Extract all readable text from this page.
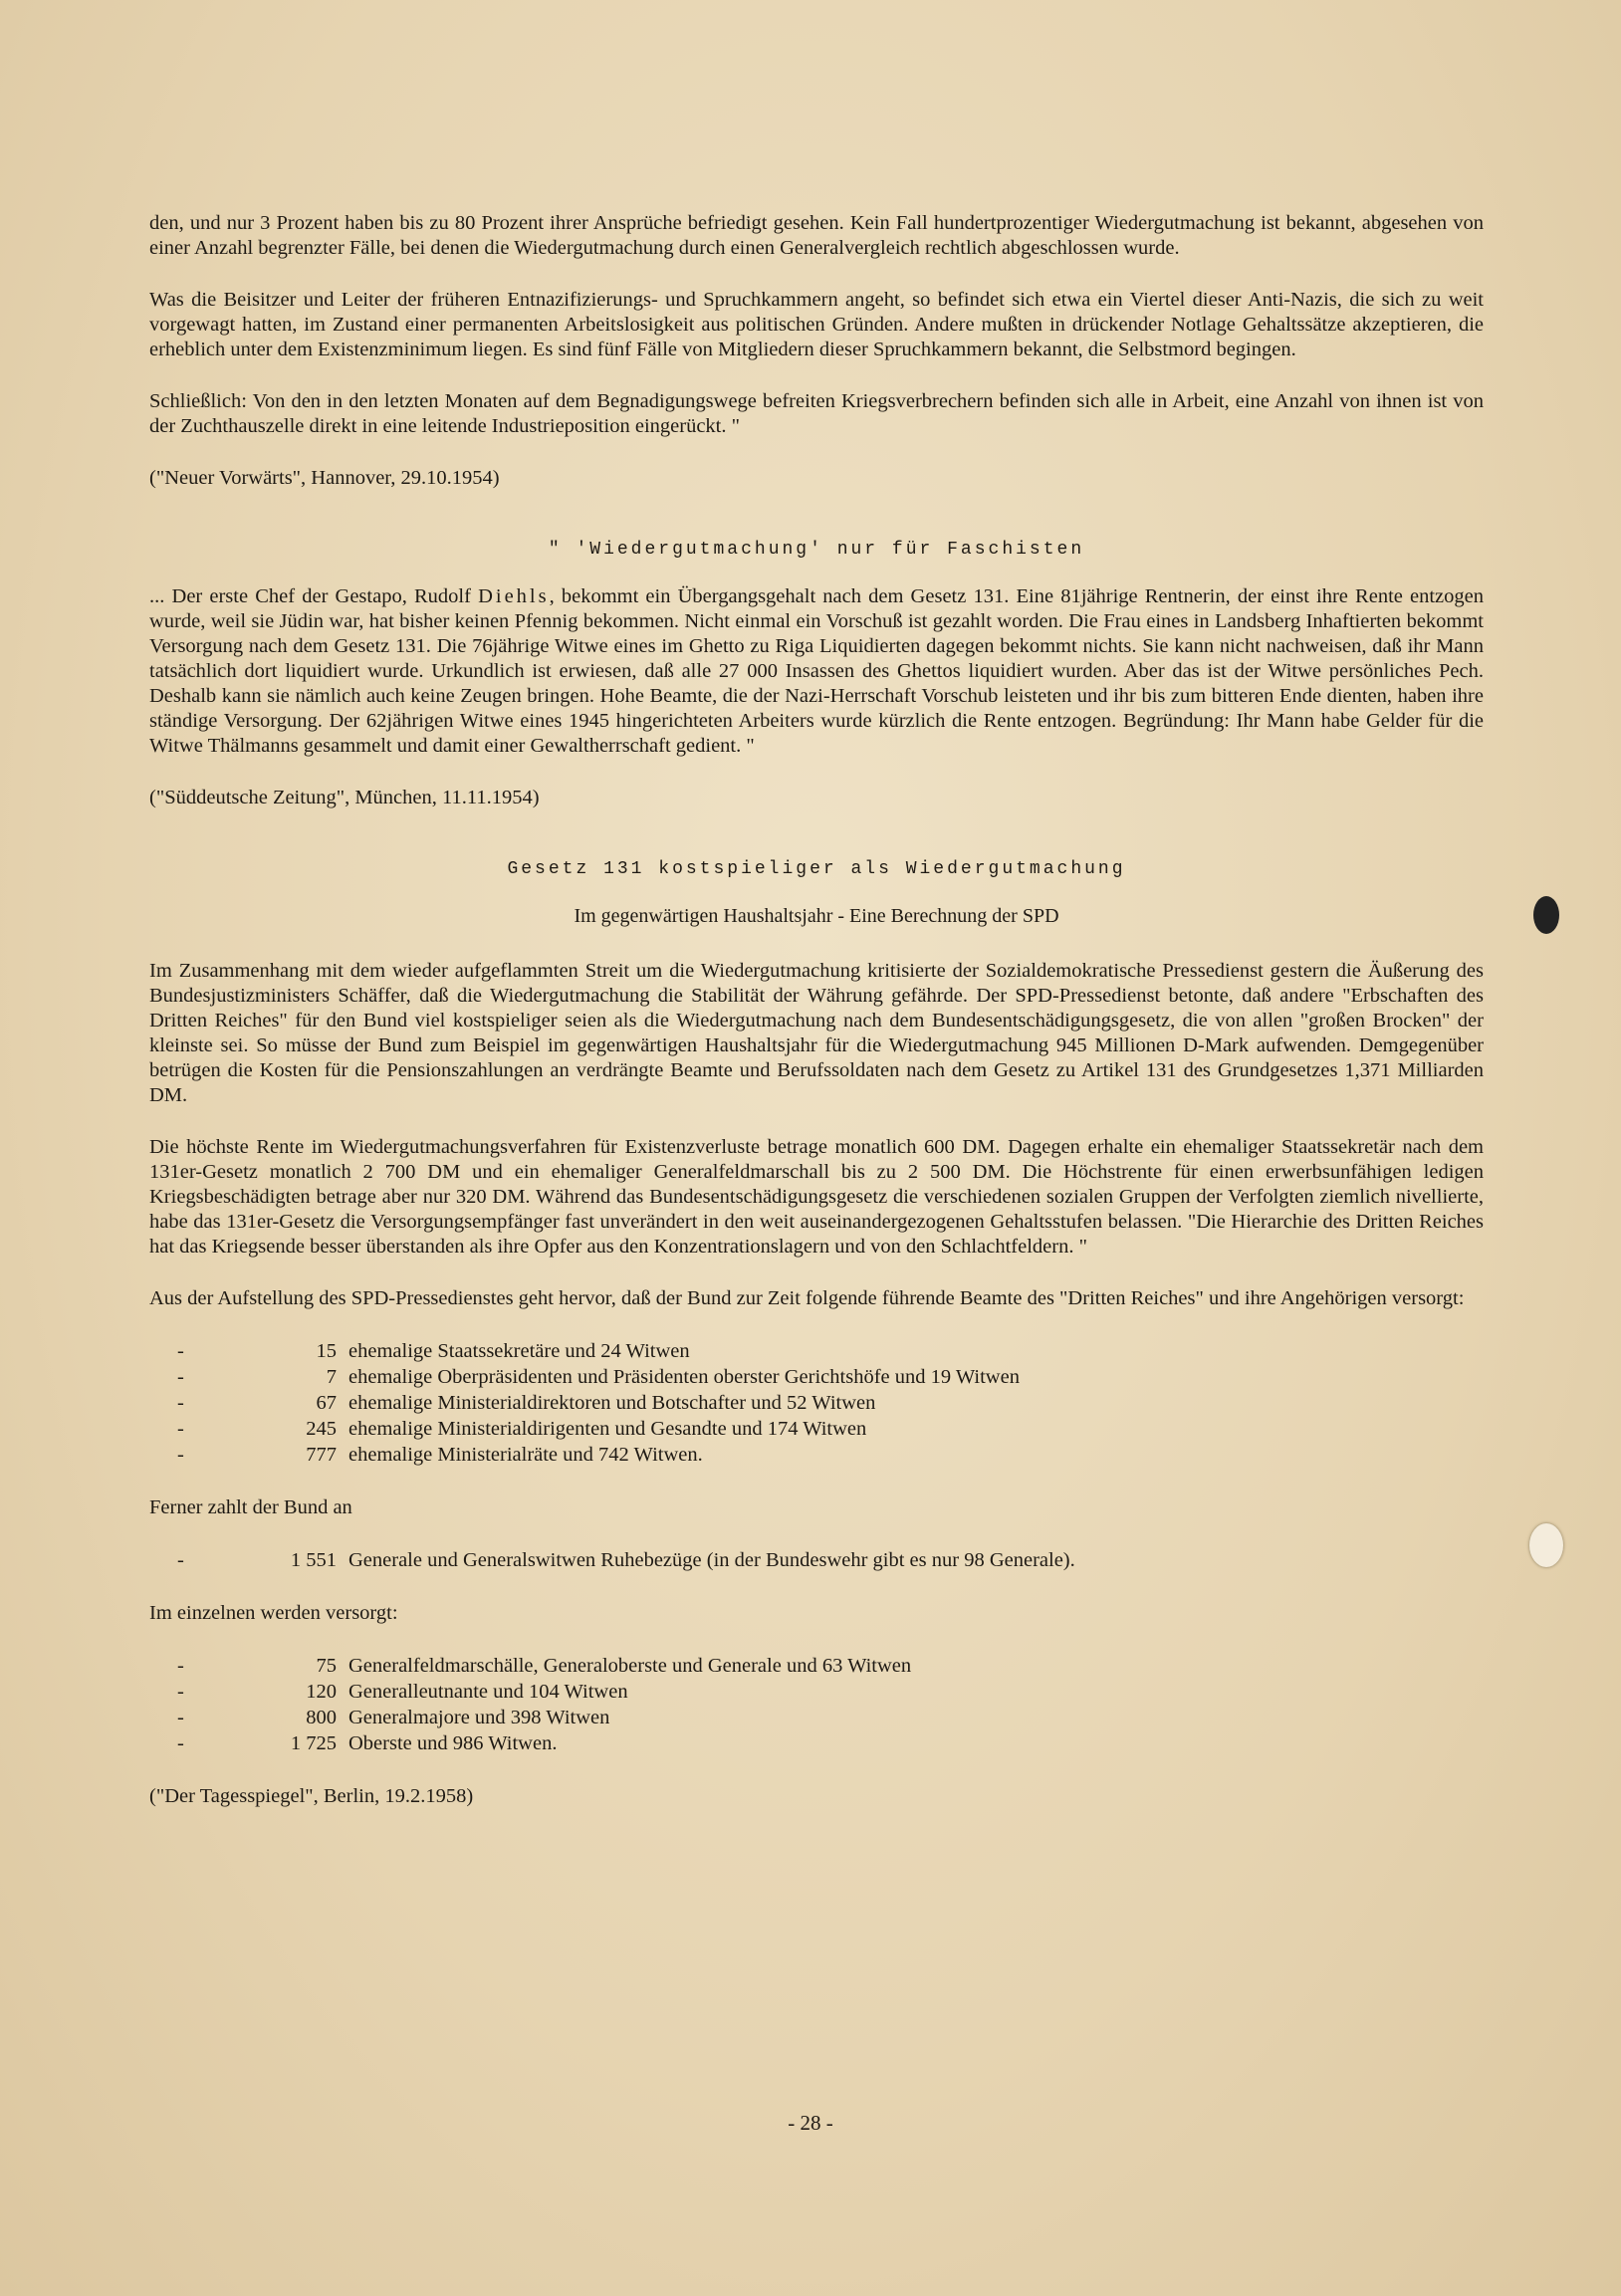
den, und nur 3 Prozent haben bis zu 80 Prozent ihrer Ansprüche befriedigt gesehen. Kein Fall hundertprozentiger Wiedergutmachung ist bekannt, abgesehen von einer Anzahl begrenzter Fälle, bei denen die Wiedergutmachung durch einen Generalvergleich rechtlich abgeschlossen wurde.

Was die Beisitzer und Leiter der früheren Entnazifizierungs- und Spruchkammern angeht, so befindet sich etwa ein Viertel dieser Anti-Nazis, die sich zu weit vorgewagt hatten, im Zustand einer permanenten Arbeitslosigkeit aus politischen Gründen. Andere mußten in drückender Notlage Gehaltssätze akzeptieren, die erheblich unter dem Existenzminimum liegen. Es sind fünf Fälle von Mitgliedern dieser Spruchkammern bekannt, die Selbstmord begingen.

Schließlich: Von den in den letzten Monaten auf dem Begnadigungswege befreiten Kriegsverbrechern befinden sich alle in Arbeit, eine Anzahl von ihnen ist von der Zuchthauszelle direkt in eine leitende Industrieposition eingerückt. "

("Neuer Vorwärts", Hannover, 29.10.1954)

" 'Wiedergutmachung' nur für Faschisten

... Der erste Chef der Gestapo, Rudolf Diehls, bekommt ein Übergangsgehalt nach dem Gesetz 131. Eine 81jährige Rentnerin, der einst ihre Rente entzogen wurde, weil sie Jüdin war, hat bisher keinen Pfennig bekommen. Nicht einmal ein Vorschuß ist gezahlt worden. Die Frau eines in Landsberg Inhaftierten bekommt Versorgung nach dem Gesetz 131. Die 76jährige Witwe eines im Ghetto zu Riga Liquidierten dagegen bekommt nichts. Sie kann nicht nachweisen, daß ihr Mann tatsächlich dort liquidiert wurde. Urkundlich ist erwiesen, daß alle 27 000 Insassen des Ghettos liquidiert wurden. Aber das ist der Witwe persönliches Pech. Deshalb kann sie nämlich auch keine Zeugen bringen. Hohe Beamte, die der Nazi-Herrschaft Vorschub leisteten und ihr bis zum bitteren Ende dienten, haben ihre ständige Versorgung. Der 62jährigen Witwe eines 1945 hingerichteten Arbeiters wurde kürzlich die Rente entzogen. Begründung: Ihr Mann habe Gelder für die Witwe Thälmanns gesammelt und damit einer Gewaltherrschaft gedient. "

("Süddeutsche Zeitung", München, 11.11.1954)

Gesetz 131 kostspieliger als Wiedergutmachung
Im gegenwärtigen Haushaltsjahr - Eine Berechnung der SPD

Im Zusammenhang mit dem wieder aufgeflammten Streit um die Wiedergutmachung kritisierte der Sozialdemokratische Pressedienst gestern die Äußerung des Bundesjustizministers Schäffer, daß die Wiedergutmachung die Stabilität der Währung gefährde. Der SPD-Pressedienst betonte, daß andere "Erbschaften des Dritten Reiches" für den Bund viel kostspieliger seien als die Wiedergutmachung nach dem Bundesentschädigungsgesetz, die von allen "großen Brocken" der kleinste sei. So müsse der Bund zum Beispiel im gegenwärtigen Haushaltsjahr für die Wiedergutmachung 945 Millionen D-Mark aufwenden. Demgegenüber betrügen die Kosten für die Pensionszahlungen an verdrängte Beamte und Berufssoldaten nach dem Gesetz zu Artikel 131 des Grundgesetzes 1,371 Milliarden DM.

Die höchste Rente im Wiedergutmachungsverfahren für Existenzverluste betrage monatlich 600 DM. Dagegen erhalte ein ehemaliger Staatssekretär nach dem 131er-Gesetz monatlich 2 700 DM und ein ehemaliger Generalfeldmarschall bis zu 2 500 DM. Die Höchstrente für einen erwerbsunfähigen ledigen Kriegsbeschädigten betrage aber nur 320 DM. Während das Bundesentschädigungsgesetz die verschiedenen sozialen Gruppen der Verfolgten ziemlich nivellierte, habe das 131er-Gesetz die Versorgungsempfänger fast unverändert in den weit auseinandergezogenen Gehaltsstufen belassen. "Die Hierarchie des Dritten Reiches hat das Kriegsende besser überstanden als ihre Opfer aus den Konzentrationslagern und von den Schlachtfeldern. "

Aus der Aufstellung des SPD-Pressedienstes geht hervor, daß der Bund zur Zeit folgende führende Beamte des "Dritten Reiches" und ihre Angehörigen versorgt:

-	15 ehemalige Staatssekretäre und 24 Witwen
-	7 ehemalige Oberpräsidenten und Präsidenten oberster Gerichtshöfe und 19 Witwen
-	67 ehemalige Ministerialdirektoren und Botschafter und 52 Witwen
-	245 ehemalige Ministerialdirigenten und Gesandte und 174 Witwen
-	777 ehemalige Ministerialräte und 742 Witwen.

Ferner zahlt der Bund an

-	1 551 Generale und Generalswitwen Ruhebezüge (in der Bundeswehr gibt es nur 98 Generale).

Im einzelnen werden versorgt:

-	75 Generalfeldmarschälle, Generaloberste und Generale und 63 Witwen
-	120 Generalleutnante und 104 Witwen
-	800 Generalmajore und 398 Witwen
-	1 725 Oberste und 986 Witwen.

("Der Tagesspiegel", Berlin, 19.2.1958)

- 28 -
